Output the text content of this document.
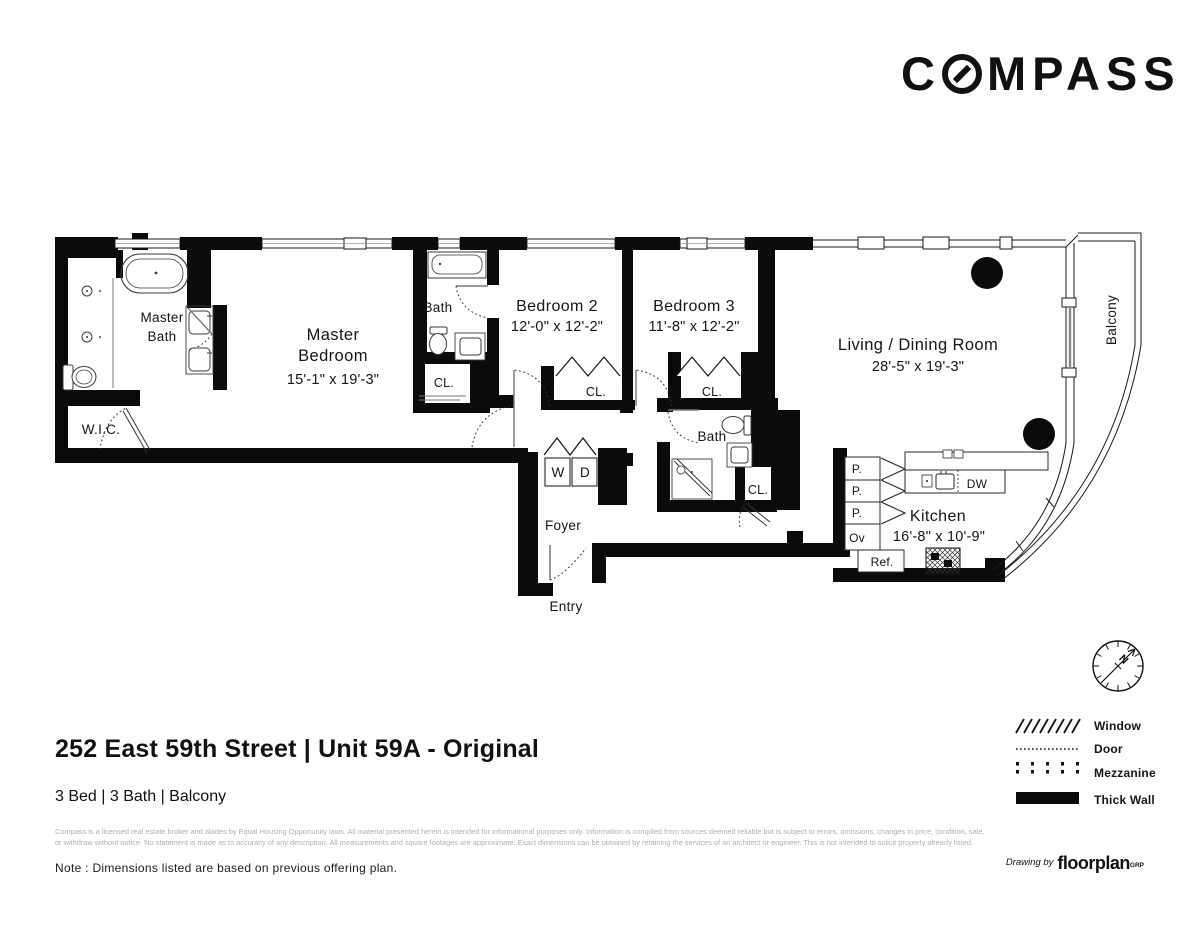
C MPASS
Master
Bath
W.I.C.
Master
Bedroom
15'-1" x 19'-3"
Bath
CL.
Bedroom 2
12'-0" x 12'-2"
CL.
Bedroom 3
11'-8" x 12'-2"
CL.
Living / Dining Room
28'-5" x 19'-3"
Balcony
W D
Foyer
Entry
Bath
CL.
P.
P.
P.
Ov
Kitchen
16'-8" x 10'-9"
DW
Ref.
N
Window
Door
Mezzanine
Thick Wall
252 East 59th Street | Unit 59A - Original
3 Bed | 3 Bath | Balcony
Compass is a licensed real estate broker and abides by Equal Housing Opportunity laws. All material presented herein is intended for informational purposes only. Information is compiled from sources deemed reliable but is subject to errors, omissions, changes in price, condition, sale,
or withdraw without notice. No statement is made as to accuracy of any description. All measurements and square footages are approximate. Exact dimensions can be obtained by retaining the services of an architect or engineer. This is not intended to solicit property already listed.
Note : Dimensions listed are based on previous offering plan.	Drawing by floorplan GRP
